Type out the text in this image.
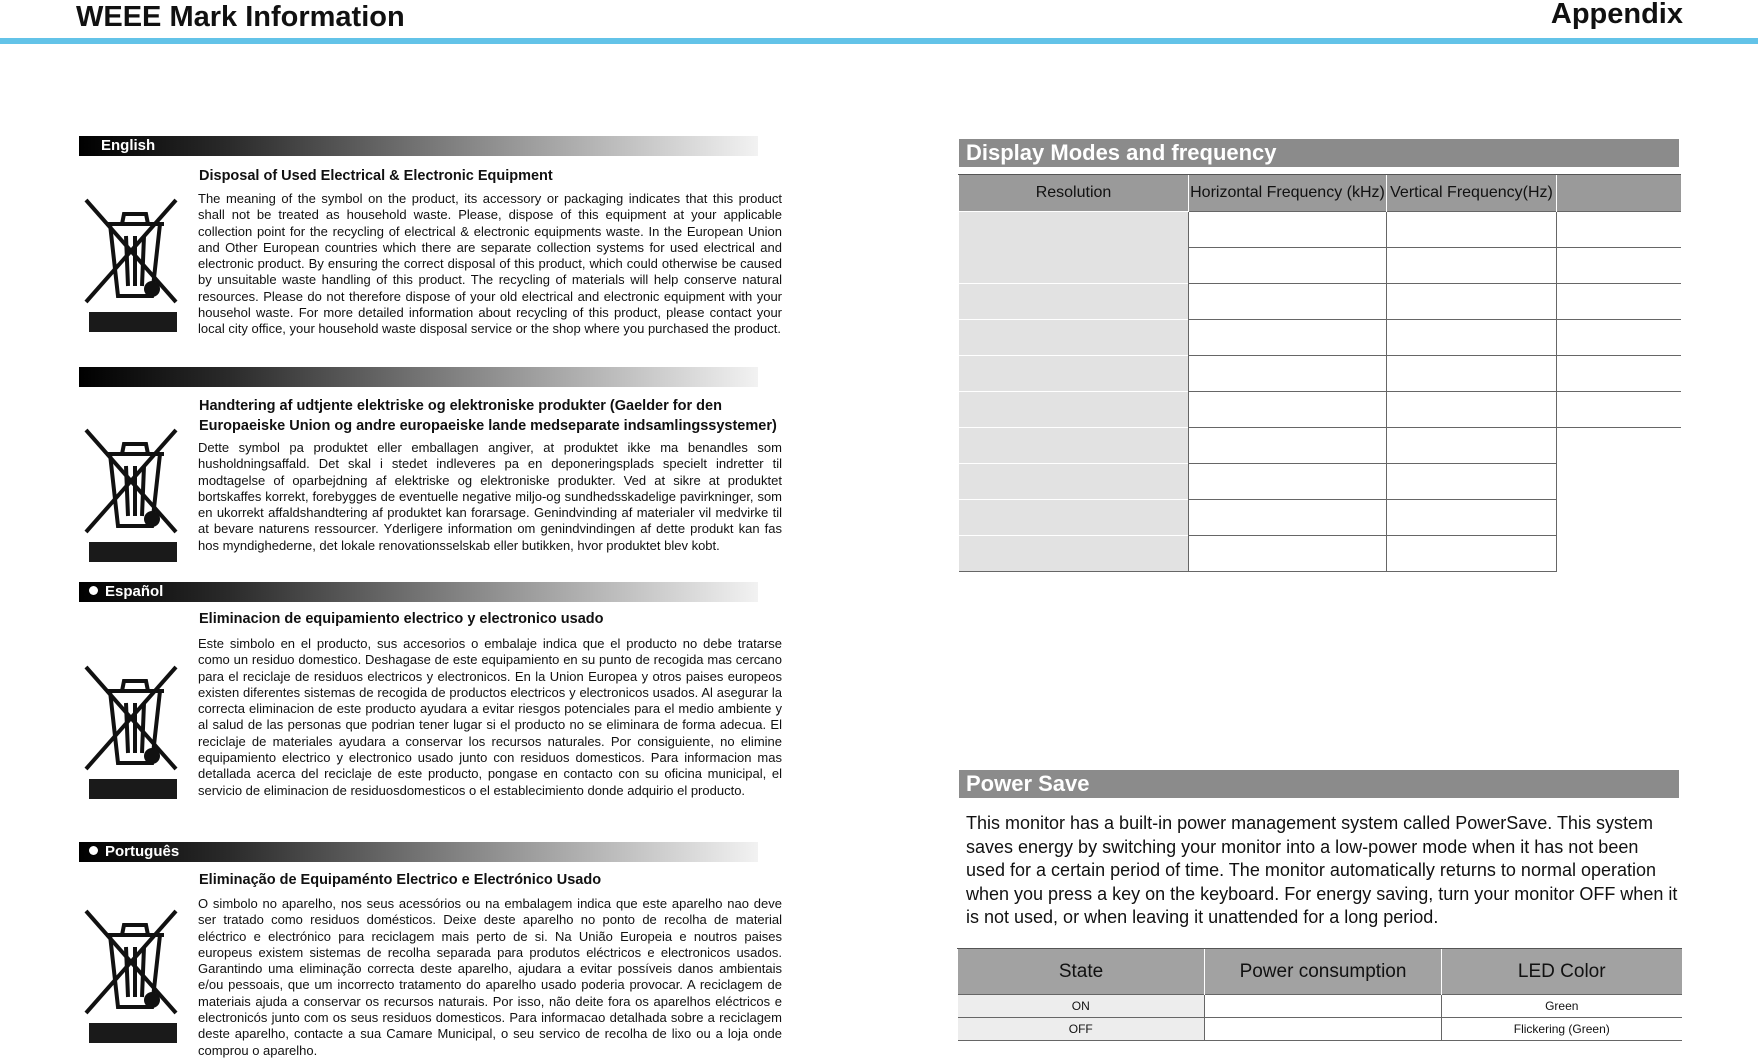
WEEE Mark Information	Appendix
English
Disposal of Used Electrical & Electronic Equipment
The meaning of the symbol on the product, its accessory or packaging indicates that this product shall not be treated as household waste. Please, dispose of this equipment at your applicable collection point for the recycling of electrical & electronic equipments waste. In the European Union and Other European countries which there are separate collection systems for used electrical and electronic product. By ensuring the correct disposal of this product, which could otherwise be caused by unsuitable waste handling of this product. The recycling of materials will help conserve natural resources. Please do not therefore dispose of your old electrical and electronic equipment with your househol waste. For more detailed information about recycling of this product, please contact your local city office, your household waste disposal service or the shop where you purchased the product.
Handtering af udtjente elektriske og elektroniske produkter (Gaelder for den Europaeiske Union og andre europaeiske lande medseparate indsamlingssystemer)
Dette symbol pa produktet eller emballagen angiver, at produktet ikke ma benandles som husholdningsaffald. Det skal i stedet indleveres pa en deponeringsplads specielt indretter til modtagelse of oparbejdning af elektriske og elektroniske produkter. Ved at sikre at produktet bortskaffes korrekt, forebygges de eventuelle negative miljo-og sundhedsskadelige pavirkninger, som en ukorrekt affaldshandtering af produktet kan forarsage. Genindvinding af materialer vil medvirke til at bevare naturens ressourcer. Yderligere information om genindvindingen af dette produkt kan fas hos myndighederne, det lokale renovationsselskab eller butikken, hvor produktet blev kobt.
Español
Eliminacion de equipamiento electrico y electronico usado
Este simbolo en el producto, sus accesorios o embalaje indica que el producto no debe tratarse como un residuo domestico. Deshagase de este equipamiento en su punto de recogida mas cercano para el reciclaje de residuos electricos y electronicos. En la Union Europea y otros paises europeos existen diferentes sistemas de recogida de productos electricos y electronicos usados. Al asegurar la correcta eliminacion de este producto ayudara a evitar riesgos potenciales para el medio ambiente y al salud de las personas que podrian tener lugar si el producto no se eliminara de forma adecua. El reciclaje de materiales ayudara a conservar los recursos naturales. Por consiguiente, no elimine equipamiento electrico y electronico usado junto con residuos domesticos. Para informacion mas detallada acerca del reciclaje de este producto, pongase en contacto con su oficina municipal, el servicio de eliminacion de residuosdomesticos o el establecimiento donde adquirio el producto.
Português
Eliminação de Equipaménto Electrico e Electrónico Usado
O simbolo no aparelho, nos seus acessórios ou na embalagem indica que este aparelho nao deve ser tratado como residuos domésticos. Deixe deste aparelho no ponto de recolha de material eléctrico e electrónico para reciclagem mais perto de si. Na União Europeia e noutros paises europeus existem sistemas de recolha separada para produtos eléctricos e electronicos usados. Garantindo uma eliminação correcta deste aparelho, ajudara a evitar possíveis danos ambientais e/ou pessoais, que um incorrecto tratamento do aparelho usado poderia provocar. A reciclagem de materiais ajuda a conservar os recursos naturais. Por isso, não deite fora os aparelhos eléctricos e electronicós junto com os seus residuos domesticos. Para informacao detalhada sobre a reciclagem deste aparelho, contacte a sua Camare Municipal, o seu servico de recolha de lixo ou a loja onde comprou o aparelho.
Display Modes and frequency
Resolution	Horizontal Frequency (kHz)	Vertical Frequency(Hz)	

Power Save
This monitor has a built-in power management system called PowerSave. This system saves energy by switching your monitor into a low-power mode when it has not been used for a certain period of time. The monitor automatically returns to normal operation when you press a key on the keyboard. For energy saving, turn your monitor OFF when it is not used, or when leaving it unattended for a long period.
State	Power consumption	LED Color
ON		Green
OFF		Flickering (Green)
